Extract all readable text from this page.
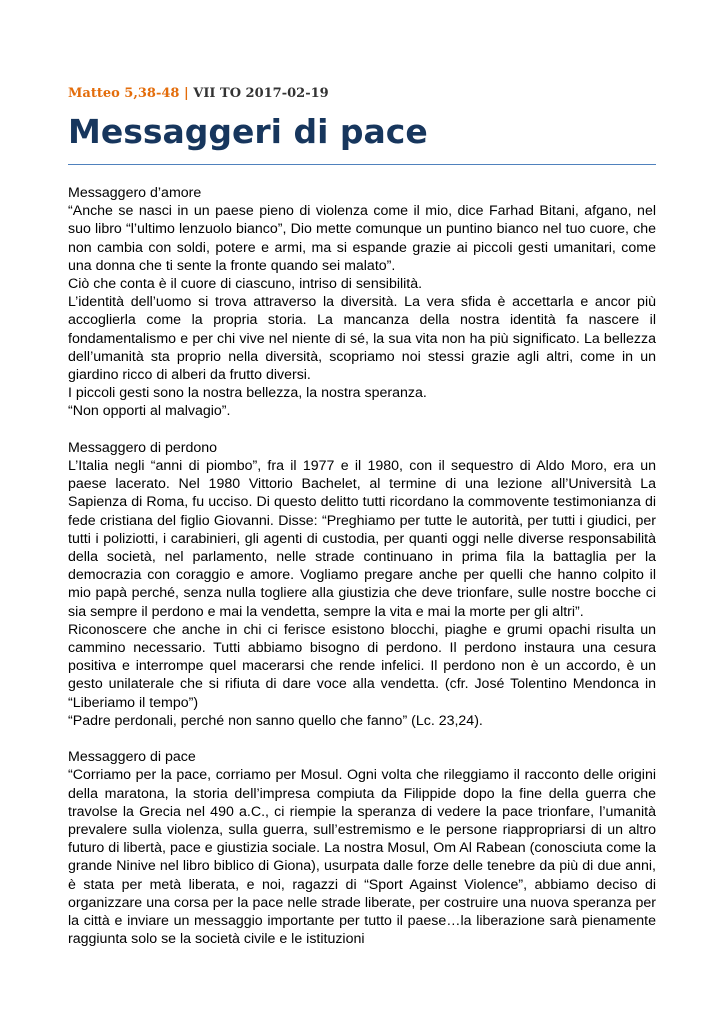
Matteo 5,38-48 | VII TO 2017-02-19
Messaggeri di pace

Messaggero d’amore

“Anche se nasci in un paese pieno di violenza come il mio, dice Farhad Bitani, afgano, nel suo libro “l’ultimo lenzuolo bianco”, Dio mette comunque un puntino bianco nel tuo cuore, che non cambia con soldi, potere e armi, ma si espande grazie ai piccoli gesti umanitari, come una donna che ti sente la fronte quando sei malato”.

Ciò che conta è il cuore di ciascuno, intriso di sensibilità.

L’identità dell’uomo si trova attraverso la diversità. La vera sfida è accettarla e ancor più accoglierla come la propria storia. La mancanza della nostra identità fa nascere il fondamentalismo e per chi vive nel niente di sé, la sua vita non ha più significato. La bellezza dell’umanità sta proprio nella diversità, scopriamo noi stessi grazie agli altri, come in un giardino ricco di alberi da frutto diversi.

I piccoli gesti sono la nostra bellezza, la nostra speranza.

“Non opporti al malvagio”.

Messaggero di perdono

L’Italia negli “anni di piombo”, fra il 1977 e il 1980, con il sequestro di Aldo Moro, era un paese lacerato. Nel 1980 Vittorio Bachelet, al termine di una lezione all’Università La Sapienza di Roma, fu ucciso. Di questo delitto tutti ricordano la commovente testimonianza di fede cristiana del figlio Giovanni. Disse: “Preghiamo per tutte le autorità, per tutti i giudici, per tutti i poliziotti, i carabinieri, gli agenti di custodia, per quanti oggi nelle diverse responsabilità della società, nel parlamento, nelle strade continuano in prima fila la battaglia per la democrazia con coraggio e amore. Vogliamo pregare anche per quelli che hanno colpito il mio papà perché, senza nulla togliere alla giustizia che deve trionfare, sulle nostre bocche ci sia sempre il perdono e mai la vendetta, sempre la vita e mai la morte per gli altri”.

Riconoscere che anche in chi ci ferisce esistono blocchi, piaghe e grumi opachi risulta un cammino necessario. Tutti abbiamo bisogno di perdono. Il perdono instaura una cesura positiva e interrompe quel macerarsi che rende infelici. Il perdono non è un accordo, è un gesto unilaterale che si rifiuta di dare voce alla vendetta. (cfr. José Tolentino Mendonca in “Liberiamo il tempo”)

“Padre perdonali, perché non sanno quello che fanno” (Lc. 23,24).

Messaggero di pace

“Corriamo per la pace, corriamo per Mosul. Ogni volta che rileggiamo il racconto delle origini della maratona, la storia dell’impresa compiuta da Filippide dopo la fine della guerra che travolse la Grecia nel 490 a.C., ci riempie la speranza di vedere la pace trionfare, l’umanità prevalere sulla violenza, sulla guerra, sull’estremismo e le persone riappropriarsi di un altro futuro di libertà, pace e giustizia sociale. La nostra Mosul, Om Al Rabean (conosciuta come la grande Ninive nel libro biblico di Giona), usurpata dalle forze delle tenebre da più di due anni, è stata per metà liberata, e noi, ragazzi di “Sport Against Violence”, abbiamo deciso di organizzare una corsa per la pace nelle strade liberate, per costruire una nuova speranza per la città e inviare un messaggio importante per tutto il paese…la liberazione sarà pienamente raggiunta solo se la società civile e le istituzioni
